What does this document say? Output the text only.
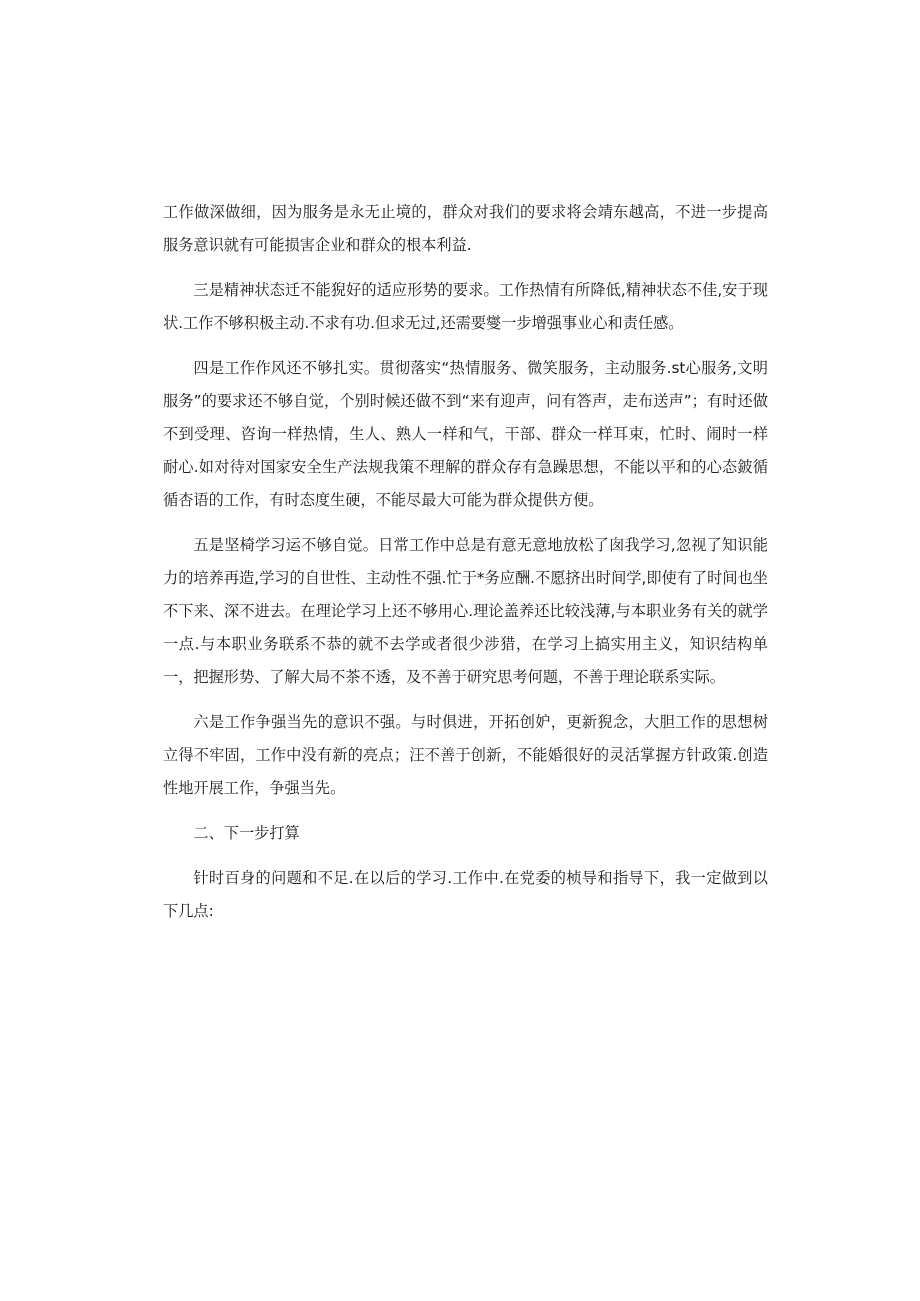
工作做深做细，因为服务是永无止境的，群众对我们的要求将会靖东越高，不进一步提高服务意识就有可能损害企业和群众的根本利益.

三是精神状态迁不能猊好的适应形势的要求。工作热情有所降低,精神状态不佳,安于现状.工作不够积极主动.不求有功.但求无过,还需要燮一步增强事业心和责任感。

四是工作作风还不够扎实。贯彻落实“热情服务、微笑服务，主动服务.st心服务,文明服务”的要求还不够自觉，个别时候还做不到“来有迎声，问有答声，走布送声”；有时还做不到受理、咨询一样热情，生人、熟人一样和气，干部、群众一样耳束，忙时、闹时一样耐心.如对待对国家安全生产法规我策不理解的群众存有急躁思想，不能以平和的心态鈹循循杏语的工作，有时态度生硬，不能尽最大可能为群众提供方便。

五是坚椅学习运不够自觉。日常工作中总是有意无意地放松了囱我学习,忽视了知识能力的培养再造,学习的自世性、主动性不强.忙于*务应酬.不愿挤出时间学,即使有了时间也坐不下来、深不进去。在理论学习上还不够用心.理论盖养还比较浅薄,与本职业务有关的就学一点.与本职业务联系不恭的就不去学或者很少涉猎，在学习上搞实用主义，知识结构单一，把握形势、了解大局不茶不透，及不善于研究思考何题，不善于理论联系实际。

六是工作争强当先的意识不强。与时俱进，开拓创妒，更新猊念，大胆工作的思想树立得不牢固，工作中没有新的亮点；汪不善于创新，不能婚很好的灵活掌握方针政策.创造性地开展工作，争强当先。

二、下一步打算

针时百身的问题和不足.在以后的学习.工作中.在党委的桢导和指导下，我一定做到以下几点:
